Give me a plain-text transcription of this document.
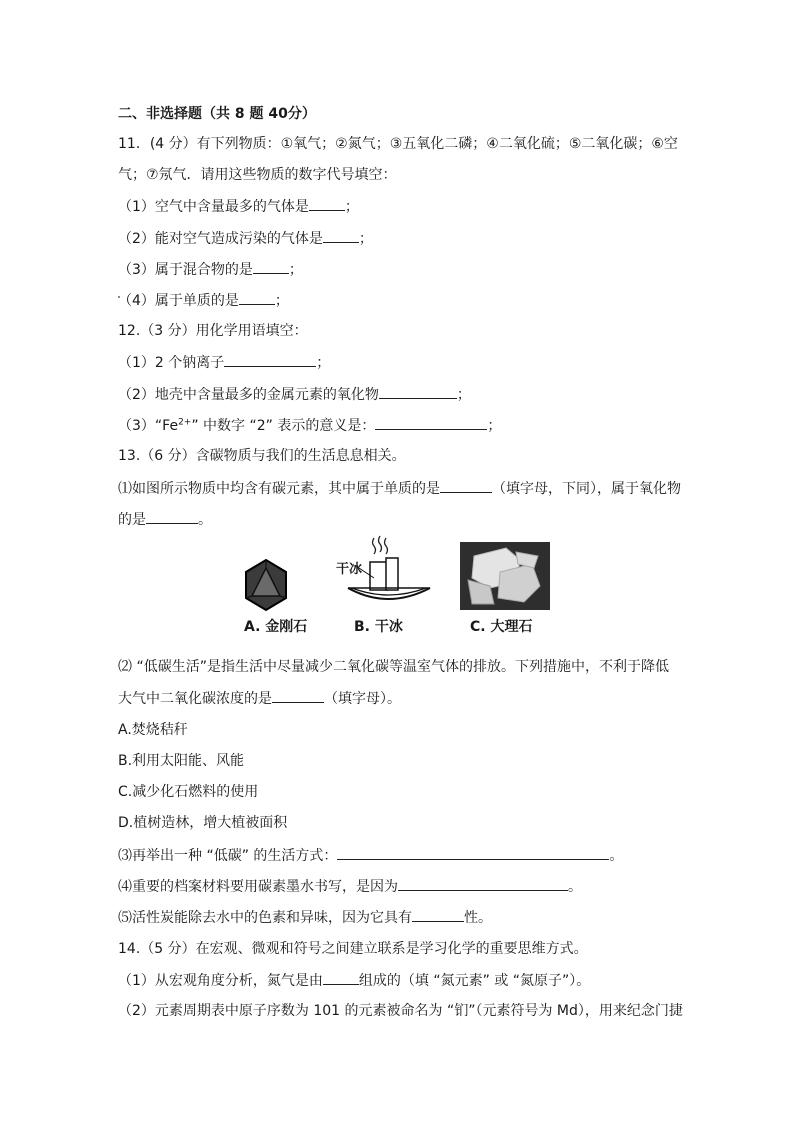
二、非选择题（共 8 题 40分）
11．(4 分）有下列物质：①氧气；②氮气；③五氧化二磷；④二氧化硫；⑤二氧化碳；⑥空
气；⑦氖气．请用这些物质的数字代号填空：
（1）空气中含量最多的气体是	；
（2）能对空气造成污染的气体是	；
（3）属于混合物的是	；
（4）属于单质的是	；
12.（3 分）用化学用语填空：
（1）2 个钠离子	；
（2）地壳中含量最多的金属元素的氧化物	；
$(3)“Fe^{2+}$” 中数字 “2” 表示的意义是：	；
13.（6 分）含碳物质与我们的生活息息相关。
⑴如图所示物质中均含有碳元素，其中属于单质的是	（填字母，下同），属于氧化物
的是	。
A. 金刚石
干冰
B. 干冰	C. 大理石
⑵ “低碳生活”是指生活中尽量减少二氧化碳等温室气体的排放。下列措施中，不利于降低
大气中二氧化碳浓度的是	（填字母）。
A.焚烧秸秆
B.利用太阳能、风能
C.减少化石燃料的使用
D.植树造林，增大植被面积
⑶再举出一种 “低碳” 的生活方式：	。
⑷重要的档案材料要用碳素墨水书写，是因为	。
⑸活性炭能除去水中的色素和异味，因为它具有	性。
14.（5 分）在宏观、微观和符号之间建立联系是学习化学的重要思维方式。
（1）从宏观角度分析，氮气是由	组成的（填 “氮元素” 或 “氮原子”）。
（2）元素周期表中原子序数为 101 的元素被命名为 “钔”（元素符号为 Md），用来纪念门捷
